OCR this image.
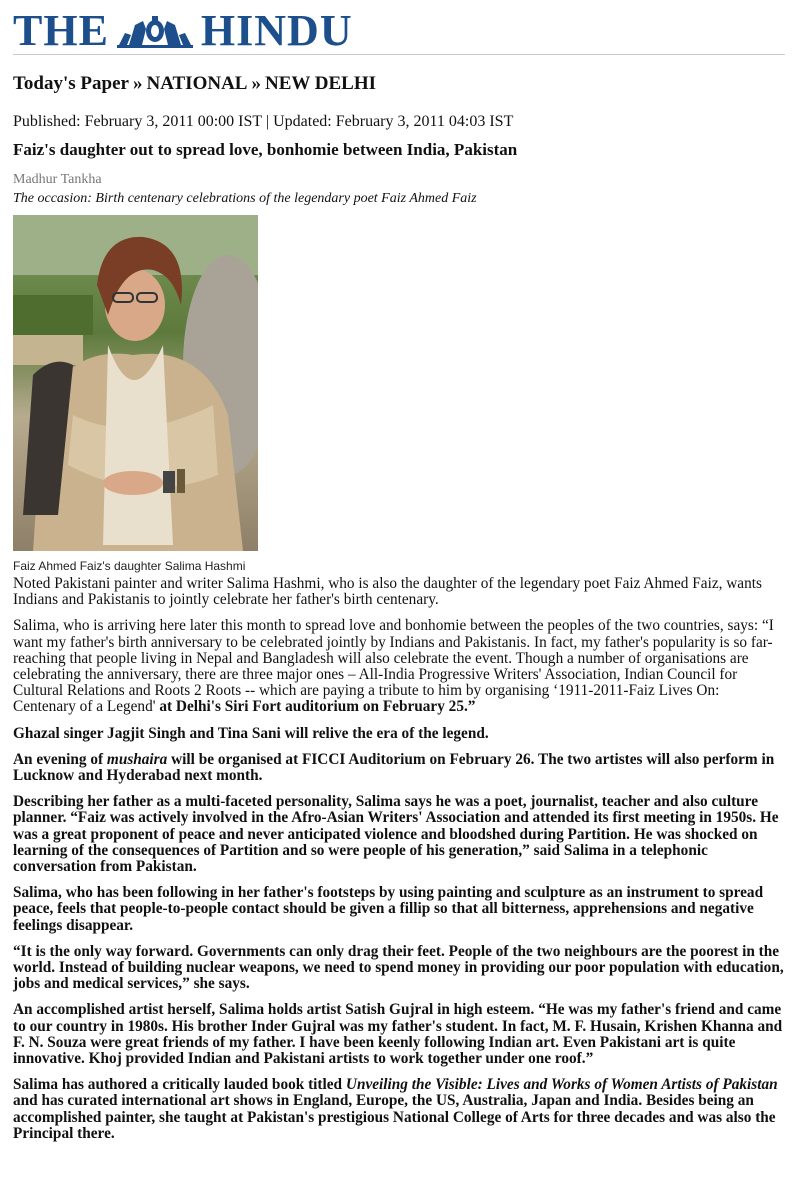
THE HINDU
Today's Paper » NATIONAL » NEW DELHI
Published: February 3, 2011 00:00 IST | Updated: February 3, 2011 04:03 IST
Faiz's daughter out to spread love, bonhomie between India, Pakistan
Madhur Tankha
The occasion: Birth centenary celebrations of the legendary poet Faiz Ahmed Faiz
Faiz Ahmed Faiz's daughter Salima Hashmi

Noted Pakistani painter and writer Salima Hashmi, who is also the daughter of the legendary poet Faiz Ahmed Faiz, wants Indians and Pakistanis to jointly celebrate her father's birth centenary.

Salima, who is arriving here later this month to spread love and bonhomie between the peoples of the two countries, says: “I want my father's birth anniversary to be celebrated jointly by Indians and Pakistanis. In fact, my father's popularity is so far-reaching that people living in Nepal and Bangladesh will also celebrate the event. Though a number of organisations are celebrating the anniversary, there are three major ones – All-India Progressive Writers' Association, Indian Council for Cultural Relations and Roots 2 Roots -- which are paying a tribute to him by organising ‘1911-2011-Faiz Lives On: Centenary of a Legend' at Delhi's Siri Fort auditorium on February 25.”

Ghazal singer Jagjit Singh and Tina Sani will relive the era of the legend.

An evening of mushaira will be organised at FICCI Auditorium on February 26. The two artistes will also perform in Lucknow and Hyderabad next month.

Describing her father as a multi-faceted personality, Salima says he was a poet, journalist, teacher and also culture planner. “Faiz was actively involved in the Afro-Asian Writers' Association and attended its first meeting in 1950s. He was a great proponent of peace and never anticipated violence and bloodshed during Partition. He was shocked on learning of the consequences of Partition and so were people of his generation,” said Salima in a telephonic conversation from Pakistan.

Salima, who has been following in her father's footsteps by using painting and sculpture as an instrument to spread peace, feels that people-to-people contact should be given a fillip so that all bitterness, apprehensions and negative feelings disappear.

“It is the only way forward. Governments can only drag their feet. People of the two neighbours are the poorest in the world. Instead of building nuclear weapons, we need to spend money in providing our poor population with education, jobs and medical services,” she says.

An accomplished artist herself, Salima holds artist Satish Gujral in high esteem. “He was my father's friend and came to our country in 1980s. His brother Inder Gujral was my father's student. In fact, M. F. Husain, Krishen Khanna and F. N. Souza were great friends of my father. I have been keenly following Indian art. Even Pakistani art is quite innovative. Khoj provided Indian and Pakistani artists to work together under one roof.”

Salima has authored a critically lauded book titled Unveiling the Visible: Lives and Works of Women Artists of Pakistan and has curated international art shows in England, Europe, the US, Australia, Japan and India. Besides being an accomplished painter, she taught at Pakistan's prestigious National College of Arts for three decades and was also the Principal there.
